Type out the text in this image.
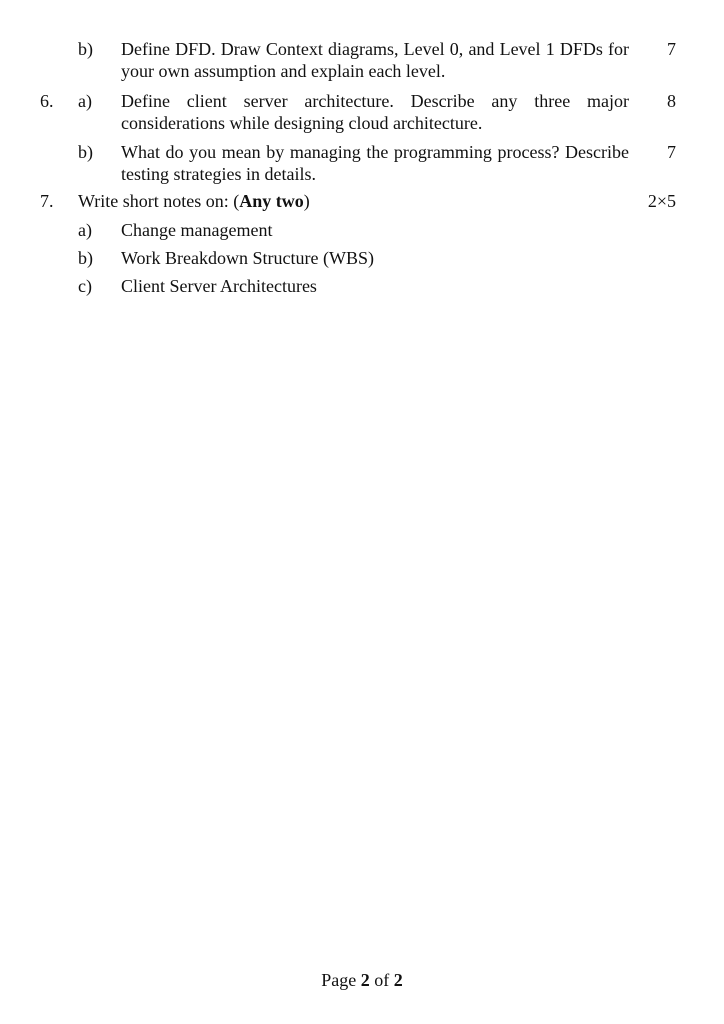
b) Define DFD. Draw Context diagrams, Level 0, and Level 1 DFDs for your own assumption and explain each level.
7
6. a) Define client server architecture. Describe any three major considerations while designing cloud architecture.
8
b) What do you mean by managing the programming process? Describe testing strategies in details.
7
7. Write short notes on: (Any two)	2×5
a) Change management
b) Work Breakdown Structure (WBS)
c) Client Server Architectures
Page 2 of 2
